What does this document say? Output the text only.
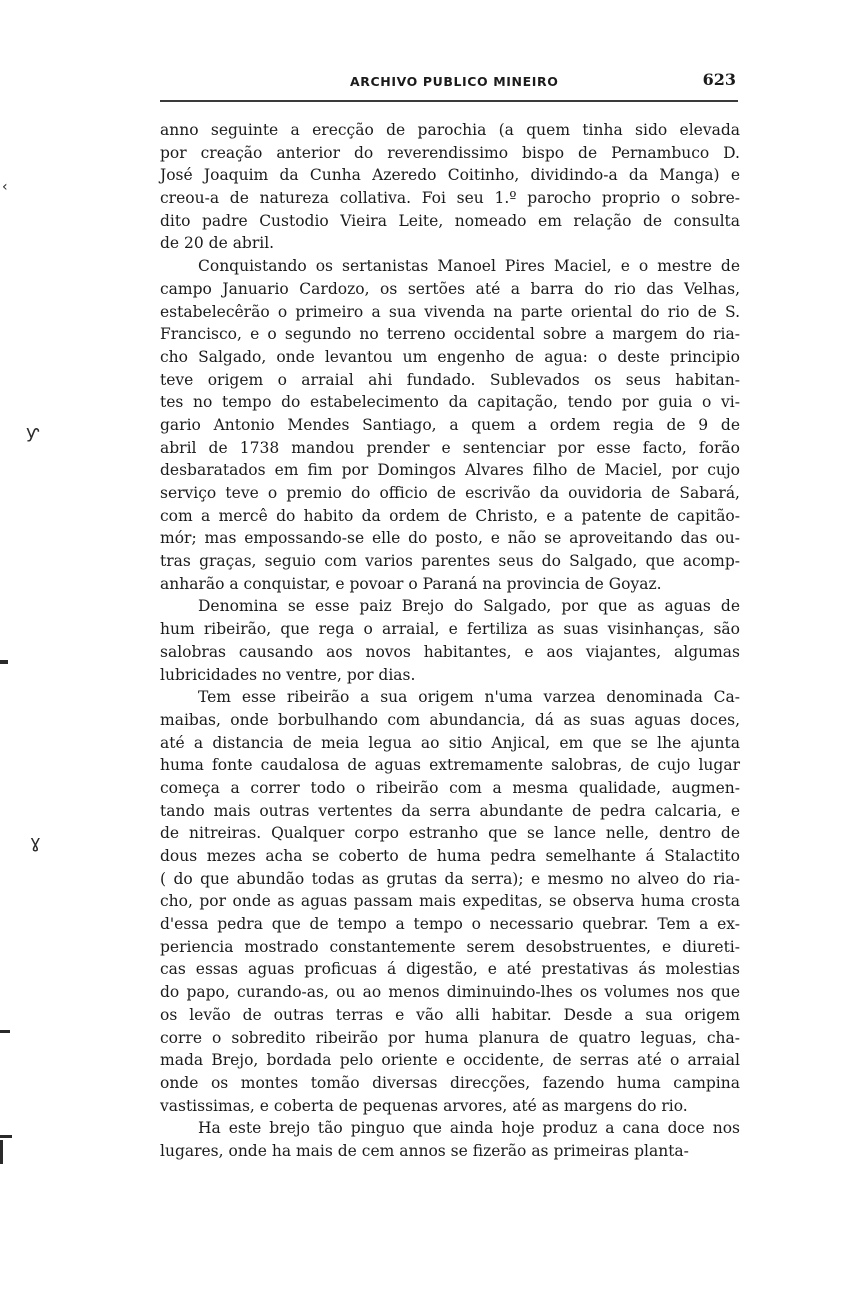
ARCHIVO PUBLICO MINEIRO	623
anno seguinte a erecção de parochia (a quem tinha sido elevada
por creação anterior do reverendissimo bispo de Pernambuco D.
José Joaquim da Cunha Azeredo Coitinho, dividindo-a da Manga) e
creou-a de natureza collativa. Foi seu 1.º parocho proprio o sobre-
dito padre Custodio Vieira Leite, nomeado em relação de consulta
de 20 de abril.
Conquistando os sertanistas Manoel Pires Maciel, e o mestre de
campo Januario Cardozo, os sertões até a barra do rio das Velhas,
estabelecêrão o primeiro a sua vivenda na parte oriental do rio de S.
Francisco, e o segundo no terreno occidental sobre a margem do ria-
cho Salgado, onde levantou um engenho de agua: o deste principio
teve origem o arraial ahi fundado. Sublevados os seus habitan-
tes no tempo do estabelecimento da capitação, tendo por guia o vi-
gario Antonio Mendes Santiago, a quem a ordem regia de 9 de
abril de 1738 mandou prender e sentenciar por esse facto, forão
desbaratados em fim por Domingos Alvares filho de Maciel, por cujo
serviço teve o premio do officio de escrivão da ouvidoria de Sabará,
com a mercê do habito da ordem de Christo, e a patente de capitão-
mór; mas empossando-se elle do posto, e não se aproveitando das ou-
tras graças, seguio com varios parentes seus do Salgado, que acomp-
anharão a conquistar, e povoar o Paraná na provincia de Goyaz.
Denomina se esse paiz Brejo do Salgado, por que as aguas de
hum ribeirão, que rega o arraial, e fertiliza as suas visinhanças, são
salobras causando aos novos habitantes, e aos viajantes, algumas
lubricidades no ventre, por dias.
Tem esse ribeirão a sua origem n'uma varzea denominada Ca-
maibas, onde borbulhando com abundancia, dá as suas aguas doces,
até a distancia de meia legua ao sitio Anjical, em que se lhe ajunta
huma fonte caudalosa de aguas extremamente salobras, de cujo lugar
começa a correr todo o ribeirão com a mesma qualidade, augmen-
tando mais outras vertentes da serra abundante de pedra calcaria, e
de nitreiras. Qualquer corpo estranho que se lance nelle, dentro de
dous mezes acha se coberto de huma pedra semelhante á Stalactito
( do que abundão todas as grutas da serra); e mesmo no alveo do ria-
cho, por onde as aguas passam mais expeditas, se observa huma crosta
d'essa pedra que de tempo a tempo o necessario quebrar. Tem a ex-
periencia mostrado constantemente serem desobstruentes, e diureti-
cas essas aguas proficuas á digestão, e até prestativas ás molestias
do papo, curando-as, ou ao menos diminuindo-lhes os volumes nos que
os levão de outras terras e vão alli habitar. Desde a sua origem
corre o sobredito ribeirão por huma planura de quatro leguas, cha-
mada Brejo, bordada pelo oriente e occidente, de serras até o arraial
onde os montes tomão diversas direcções, fazendo huma campina
vastissimas, e coberta de pequenas arvores, até as margens do rio.
Ha este brejo tão pinguo que ainda hoje produz a cana doce nos
lugares, onde ha mais de cem annos se fizerão as primeiras planta-
‹
ƴ
ɣ
